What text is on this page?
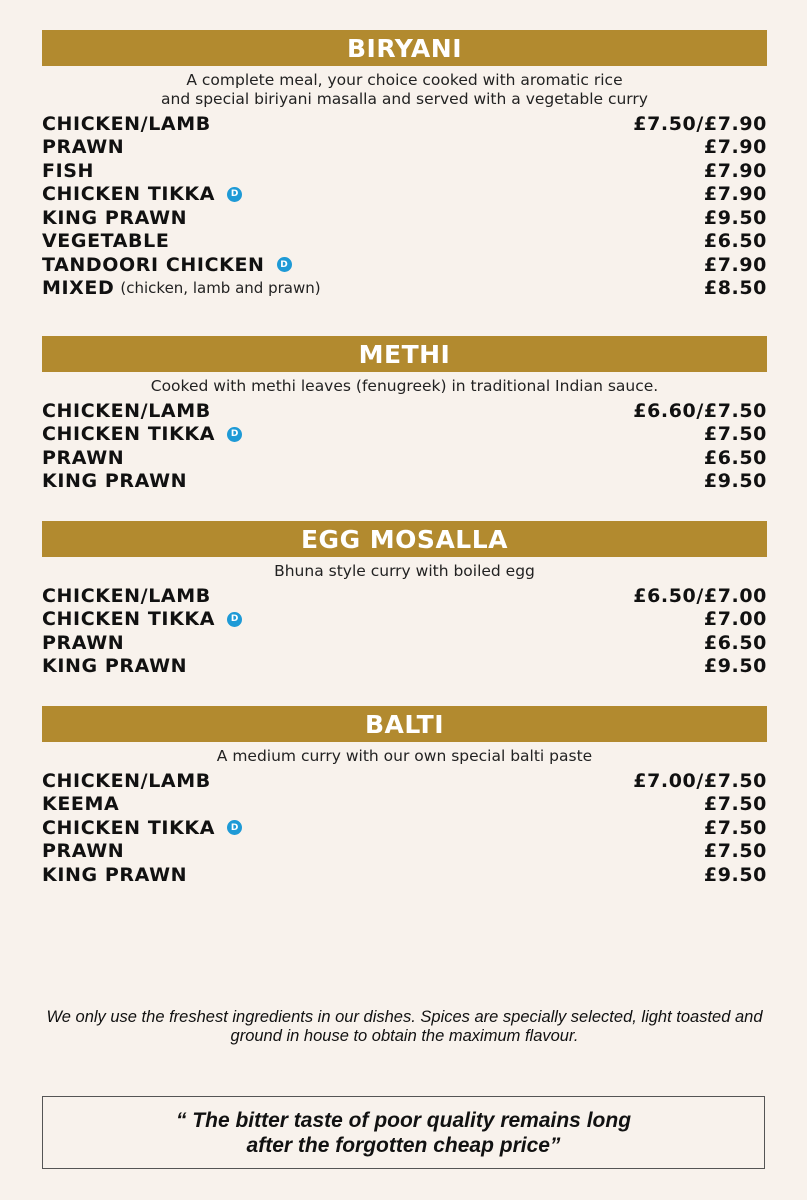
BIRYANI
A complete meal, your choice cooked with aromatic rice
and special biriyani masalla and served with a vegetable curry
CHICKEN/LAMB	£7.50/£7.90
PRAWN	£7.90
FISH	£7.90
CHICKEN TIKKA	D	£7.90
KING PRAWN	£9.50
VEGETABLE	£6.50
TANDOORI CHICKEN	D	£7.90
MIXED (chicken, lamb and prawn)	£8.50
METHI
Cooked with methi leaves (fenugreek) in traditional Indian sauce.
CHICKEN/LAMB	£6.60/£7.50
CHICKEN TIKKA	D	£7.50
PRAWN	£6.50
KING PRAWN	£9.50
EGG MOSALLA
Bhuna style curry with boiled egg
CHICKEN/LAMB	£6.50/£7.00
CHICKEN TIKKA	D	£7.00
PRAWN	£6.50
KING PRAWN	£9.50
BALTI
A medium curry with our own special balti paste
CHICKEN/LAMB	£7.00/£7.50
KEEMA	£7.50
CHICKEN TIKKA	D	£7.50
PRAWN	£7.50
KING PRAWN	£9.50
We only use the freshest ingredients in our dishes. Spices are specially selected, light toasted and ground in house to obtain the maximum flavour.
“ The bitter taste of poor quality remains long
after the forgotten cheap price”
